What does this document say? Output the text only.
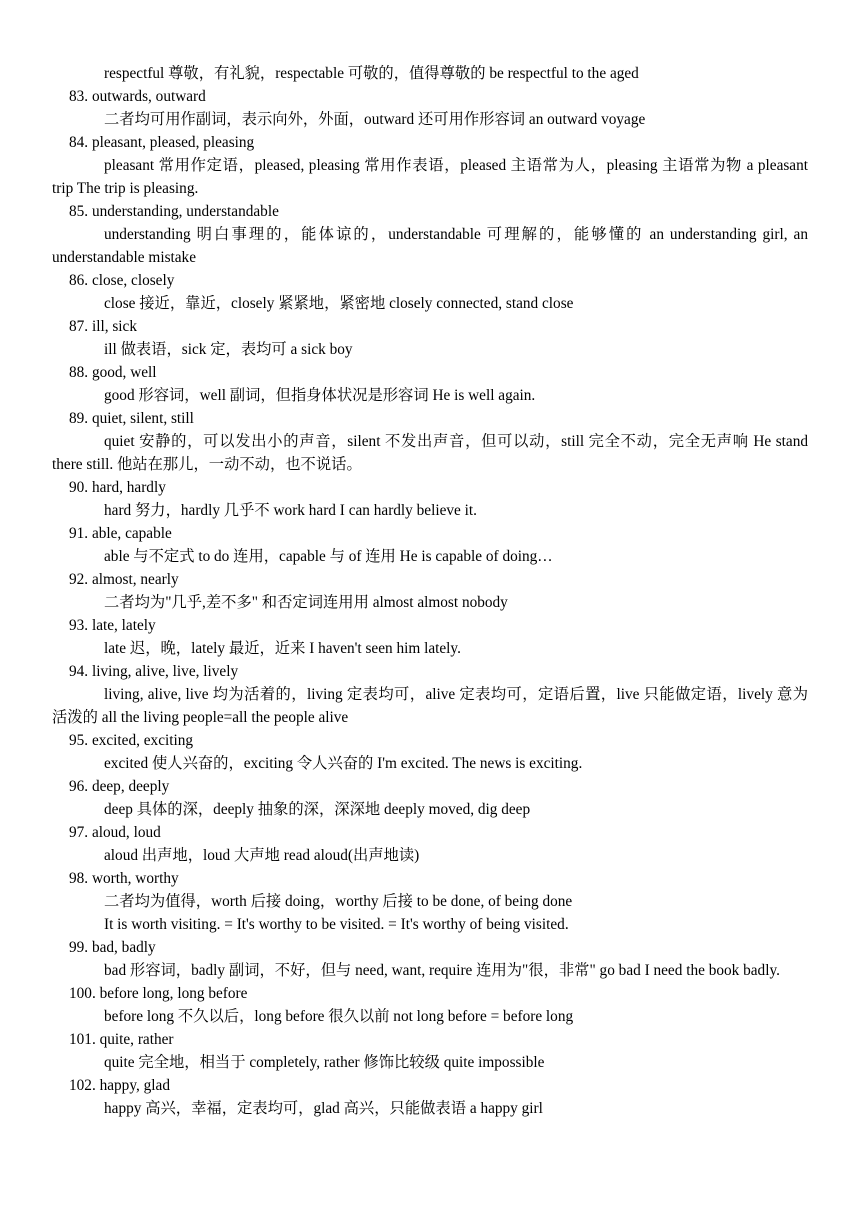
respectful 尊敬，有礼貌，respectable 可敬的，值得尊敬的 be respectful to the aged
83. outwards, outward
二者均可用作副词，表示向外，外面，outward 还可用作形容词 an outward voyage
84. pleasant, pleased, pleasing
pleasant 常用作定语，pleased, pleasing 常用作表语，pleased 主语常为人，pleasing 主语常为物 a pleasant trip The trip is pleasing.
85. understanding, understandable
understanding 明白事理的，能体谅的，understandable 可理解的，能够懂的 an understanding girl, an understandable mistake
86. close, closely
close 接近，靠近，closely 紧紧地，紧密地 closely connected, stand close
87. ill, sick
ill 做表语，sick 定，表均可 a sick boy
88. good, well
good 形容词，well 副词，但指身体状况是形容词 He is well again.
89. quiet, silent, still
quiet 安静的，可以发出小的声音，silent 不发出声音，但可以动，still 完全不动，完全无声响 He stand there still. 他站在那儿，一动不动，也不说话。
90. hard, hardly
hard 努力，hardly 几乎不 work hard I can hardly believe it.
91. able, capable
able 与不定式 to do 连用，capable 与 of 连用 He is capable of doing…
92. almost, nearly
二者均为"几乎,差不多" 和否定词连用用 almost almost nobody
93. late, lately
late 迟，晚，lately 最近，近来 I haven't seen him lately.
94. living, alive, live, lively
living, alive, live 均为活着的，living 定表均可，alive 定表均可，定语后置，live 只能做定语，lively 意为活泼的 all the living people=all the people alive
95. excited, exciting
excited 使人兴奋的，exciting 令人兴奋的 I'm excited. The news is exciting.
96. deep, deeply
deep 具体的深，deeply 抽象的深，深深地 deeply moved, dig deep
97. aloud, loud
aloud 出声地，loud 大声地 read aloud(出声地读)
98. worth, worthy
二者均为值得，worth 后接 doing，worthy 后接 to be done, of being done
It is worth visiting. = It's worthy to be visited. = It's worthy of being visited.
99. bad, badly
bad 形容词，badly 副词，不好，但与 need, want, require 连用为"很，非常" go bad I need the book badly.
100. before long, long before
before long 不久以后，long before 很久以前 not long before = before long
101. quite, rather
quite 完全地，相当于 completely, rather 修饰比较级 quite impossible
102. happy, glad
happy 高兴，幸福，定表均可，glad 高兴，只能做表语 a happy girl
